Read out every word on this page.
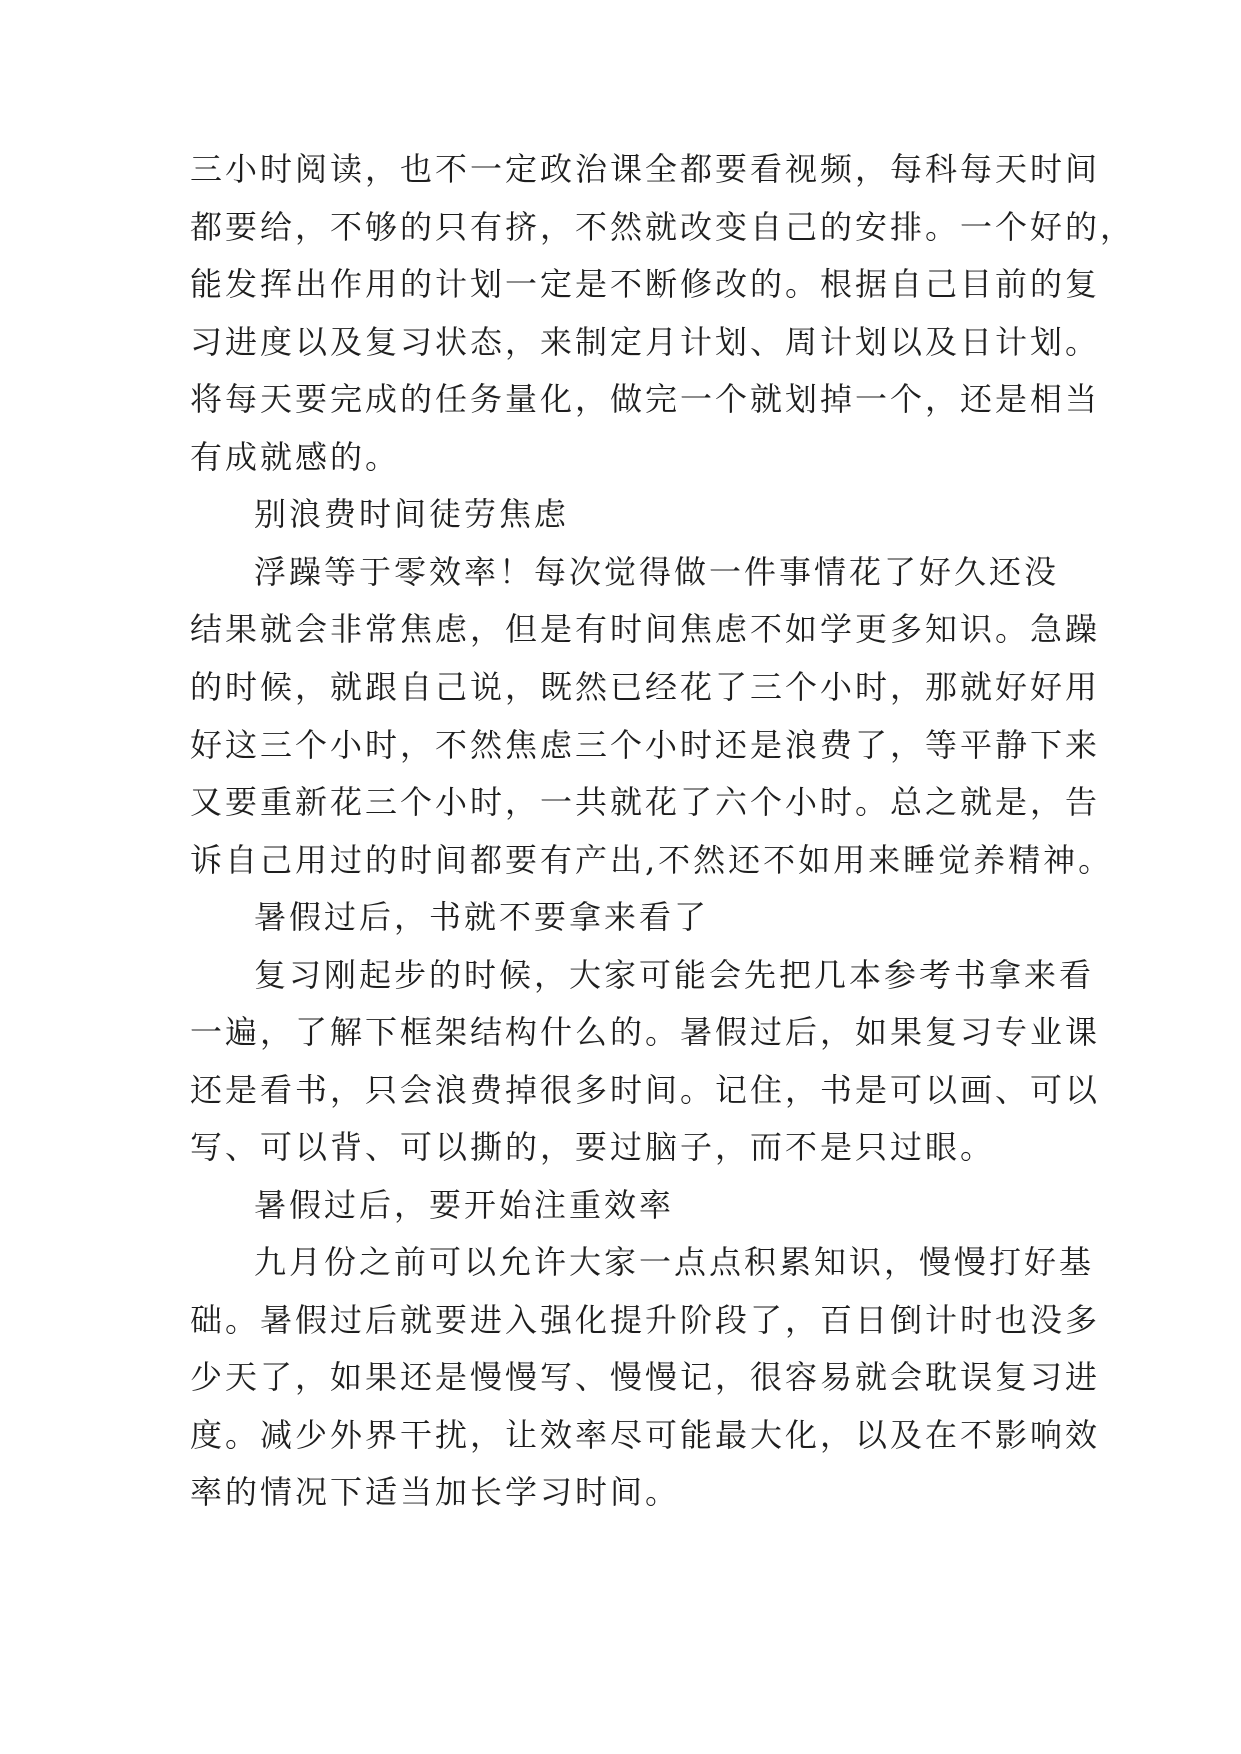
三小时阅读，也不一定政治课全都要看视频，每科每天时间
都要给，不够的只有挤，不然就改变自己的安排。一个好的，
能发挥出作用的计划一定是不断修改的。根据自己目前的复
习进度以及复习状态，来制定月计划、周计划以及日计划。
将每天要完成的任务量化，做完一个就划掉一个，还是相当
有成就感的。
别浪费时间徒劳焦虑
浮躁等于零效率！每次觉得做一件事情花了好久还没
结果就会非常焦虑，但是有时间焦虑不如学更多知识。急躁
的时候，就跟自己说，既然已经花了三个小时，那就好好用
好这三个小时，不然焦虑三个小时还是浪费了，等平静下来
又要重新花三个小时，一共就花了六个小时。总之就是，告
诉自己用过的时间都要有产出,不然还不如用来睡觉养精神。
暑假过后，书就不要拿来看了
复习刚起步的时候，大家可能会先把几本参考书拿来看
一遍，了解下框架结构什么的。暑假过后，如果复习专业课
还是看书，只会浪费掉很多时间。记住，书是可以画、可以
写、可以背、可以撕的，要过脑子，而不是只过眼。
暑假过后，要开始注重效率
九月份之前可以允许大家一点点积累知识，慢慢打好基
础。暑假过后就要进入强化提升阶段了，百日倒计时也没多
少天了，如果还是慢慢写、慢慢记，很容易就会耽误复习进
度。减少外界干扰，让效率尽可能最大化，以及在不影响效
率的情况下适当加长学习时间。
